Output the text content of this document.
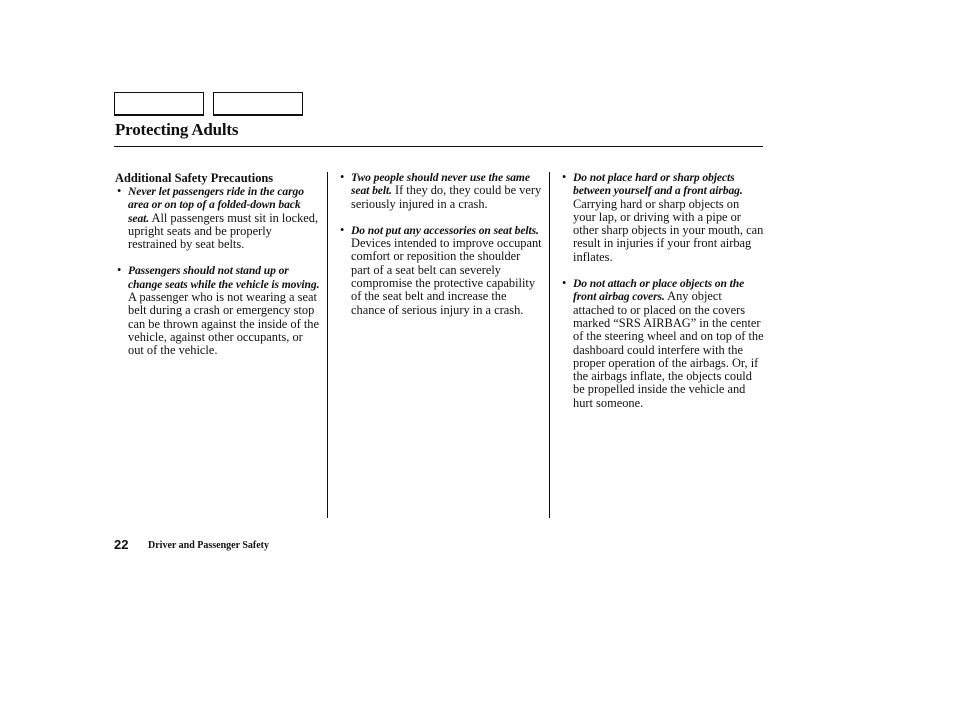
Protecting Adults

Additional Safety Precautions

• Never let passengers ride in the cargo area or on top of a folded-down back seat. All passengers must sit in locked, upright seats and be properly restrained by seat belts.

• Passengers should not stand up or change seats while the vehicle is moving. A passenger who is not wearing a seat belt during a crash or emergency stop can be thrown against the inside of the vehicle, against other occupants, or out of the vehicle.

• Two people should never use the same seat belt. If they do, they could be very seriously injured in a crash.

• Do not put any accessories on seat belts. Devices intended to improve occupant comfort or reposition the shoulder part of a seat belt can severely compromise the protective capability of the seat belt and increase the chance of serious injury in a crash.

• Do not place hard or sharp objects between yourself and a front airbag. Carrying hard or sharp objects on your lap, or driving with a pipe or other sharp objects in your mouth, can result in injuries if your front airbag inflates.

• Do not attach or place objects on the front airbag covers. Any object attached to or placed on the covers marked “SRS AIRBAG” in the center of the steering wheel and on top of the dashboard could interfere with the proper operation of the airbags. Or, if the airbags inflate, the objects could be propelled inside the vehicle and hurt someone.

22 Driver and Passenger Safety
